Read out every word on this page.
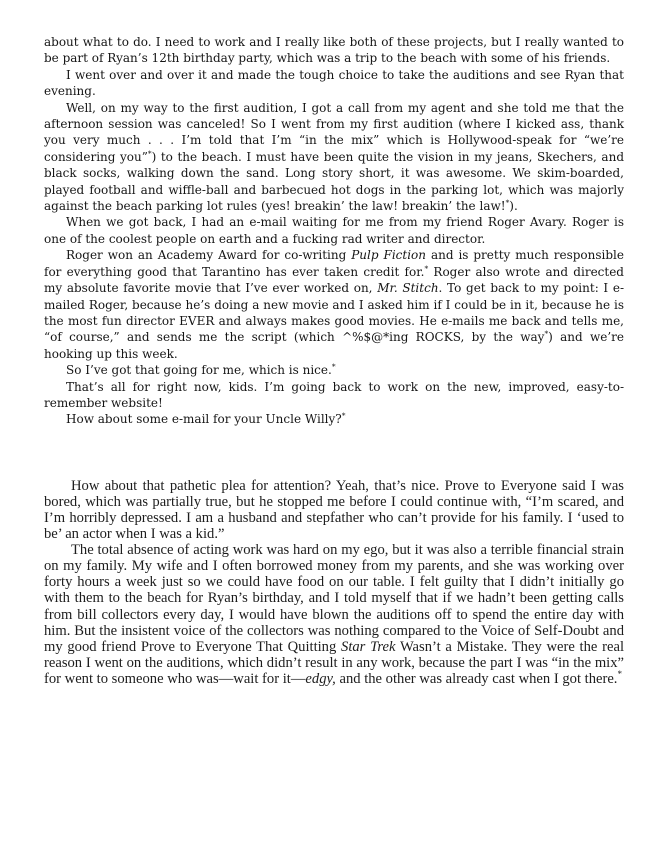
about what to do. I need to work and I really like both of these projects, but I really wanted to be part of Ryan’s 12th birthday party, which was a trip to the beach with some of his friends.

I went over and over it and made the tough choice to take the auditions and see Ryan that evening.

Well, on my way to the first audition, I got a call from my agent and she told me that the afternoon session was canceled! So I went from my first audition (where I kicked ass, thank you very much . . . I’m told that I’m “in the mix” which is Hollywood-speak for “we’re considering you”*) to the beach. I must have been quite the vision in my jeans, Skechers, and black socks, walking down the sand. Long story short, it was awesome. We skim-boarded, played football and wiffle-ball and barbecued hot dogs in the parking lot, which was majorly against the beach parking lot rules (yes! breakin’ the law! breakin’ the law!*).

When we got back, I had an e-mail waiting for me from my friend Roger Avary. Roger is one of the coolest people on earth and a fucking rad writer and director.

Roger won an Academy Award for co-writing Pulp Fiction and is pretty much responsible for everything good that Tarantino has ever taken credit for.* Roger also wrote and directed my absolute favorite movie that I’ve ever worked on, Mr. Stitch. To get back to my point: I e-mailed Roger, because he’s doing a new movie and I asked him if I could be in it, because he is the most fun director EVER and always makes good movies. He e-mails me back and tells me, “of course,” and sends me the script (which ^%$@*ing ROCKS, by the way*) and we’re hooking up this week.

So I’ve got that going for me, which is nice.*

That’s all for right now, kids. I’m going back to work on the new, improved, easy-to-remember website!

How about some e-mail for your Uncle Willy?*

How about that pathetic plea for attention? Yeah, that’s nice. Prove to Everyone said I was bored, which was partially true, but he stopped me before I could continue with, “I’m scared, and I’m horribly depressed. I am a husband and stepfather who can’t provide for his family. I ‘used to be’ an actor when I was a kid.”

The total absence of acting work was hard on my ego, but it was also a terrible financial strain on my family. My wife and I often borrowed money from my parents, and she was working over forty hours a week just so we could have food on our table. I felt guilty that I didn’t initially go with them to the beach for Ryan’s birthday, and I told myself that if we hadn’t been getting calls from bill collectors every day, I would have blown the auditions off to spend the entire day with him. But the insistent voice of the collectors was nothing compared to the Voice of Self-Doubt and my good friend Prove to Everyone That Quitting Star Trek Wasn’t a Mistake. They were the real reason I went on the auditions, which didn’t result in any work, because the part I was “in the mix” for went to someone who was—wait for it—edgy, and the other was already cast when I got there.*
